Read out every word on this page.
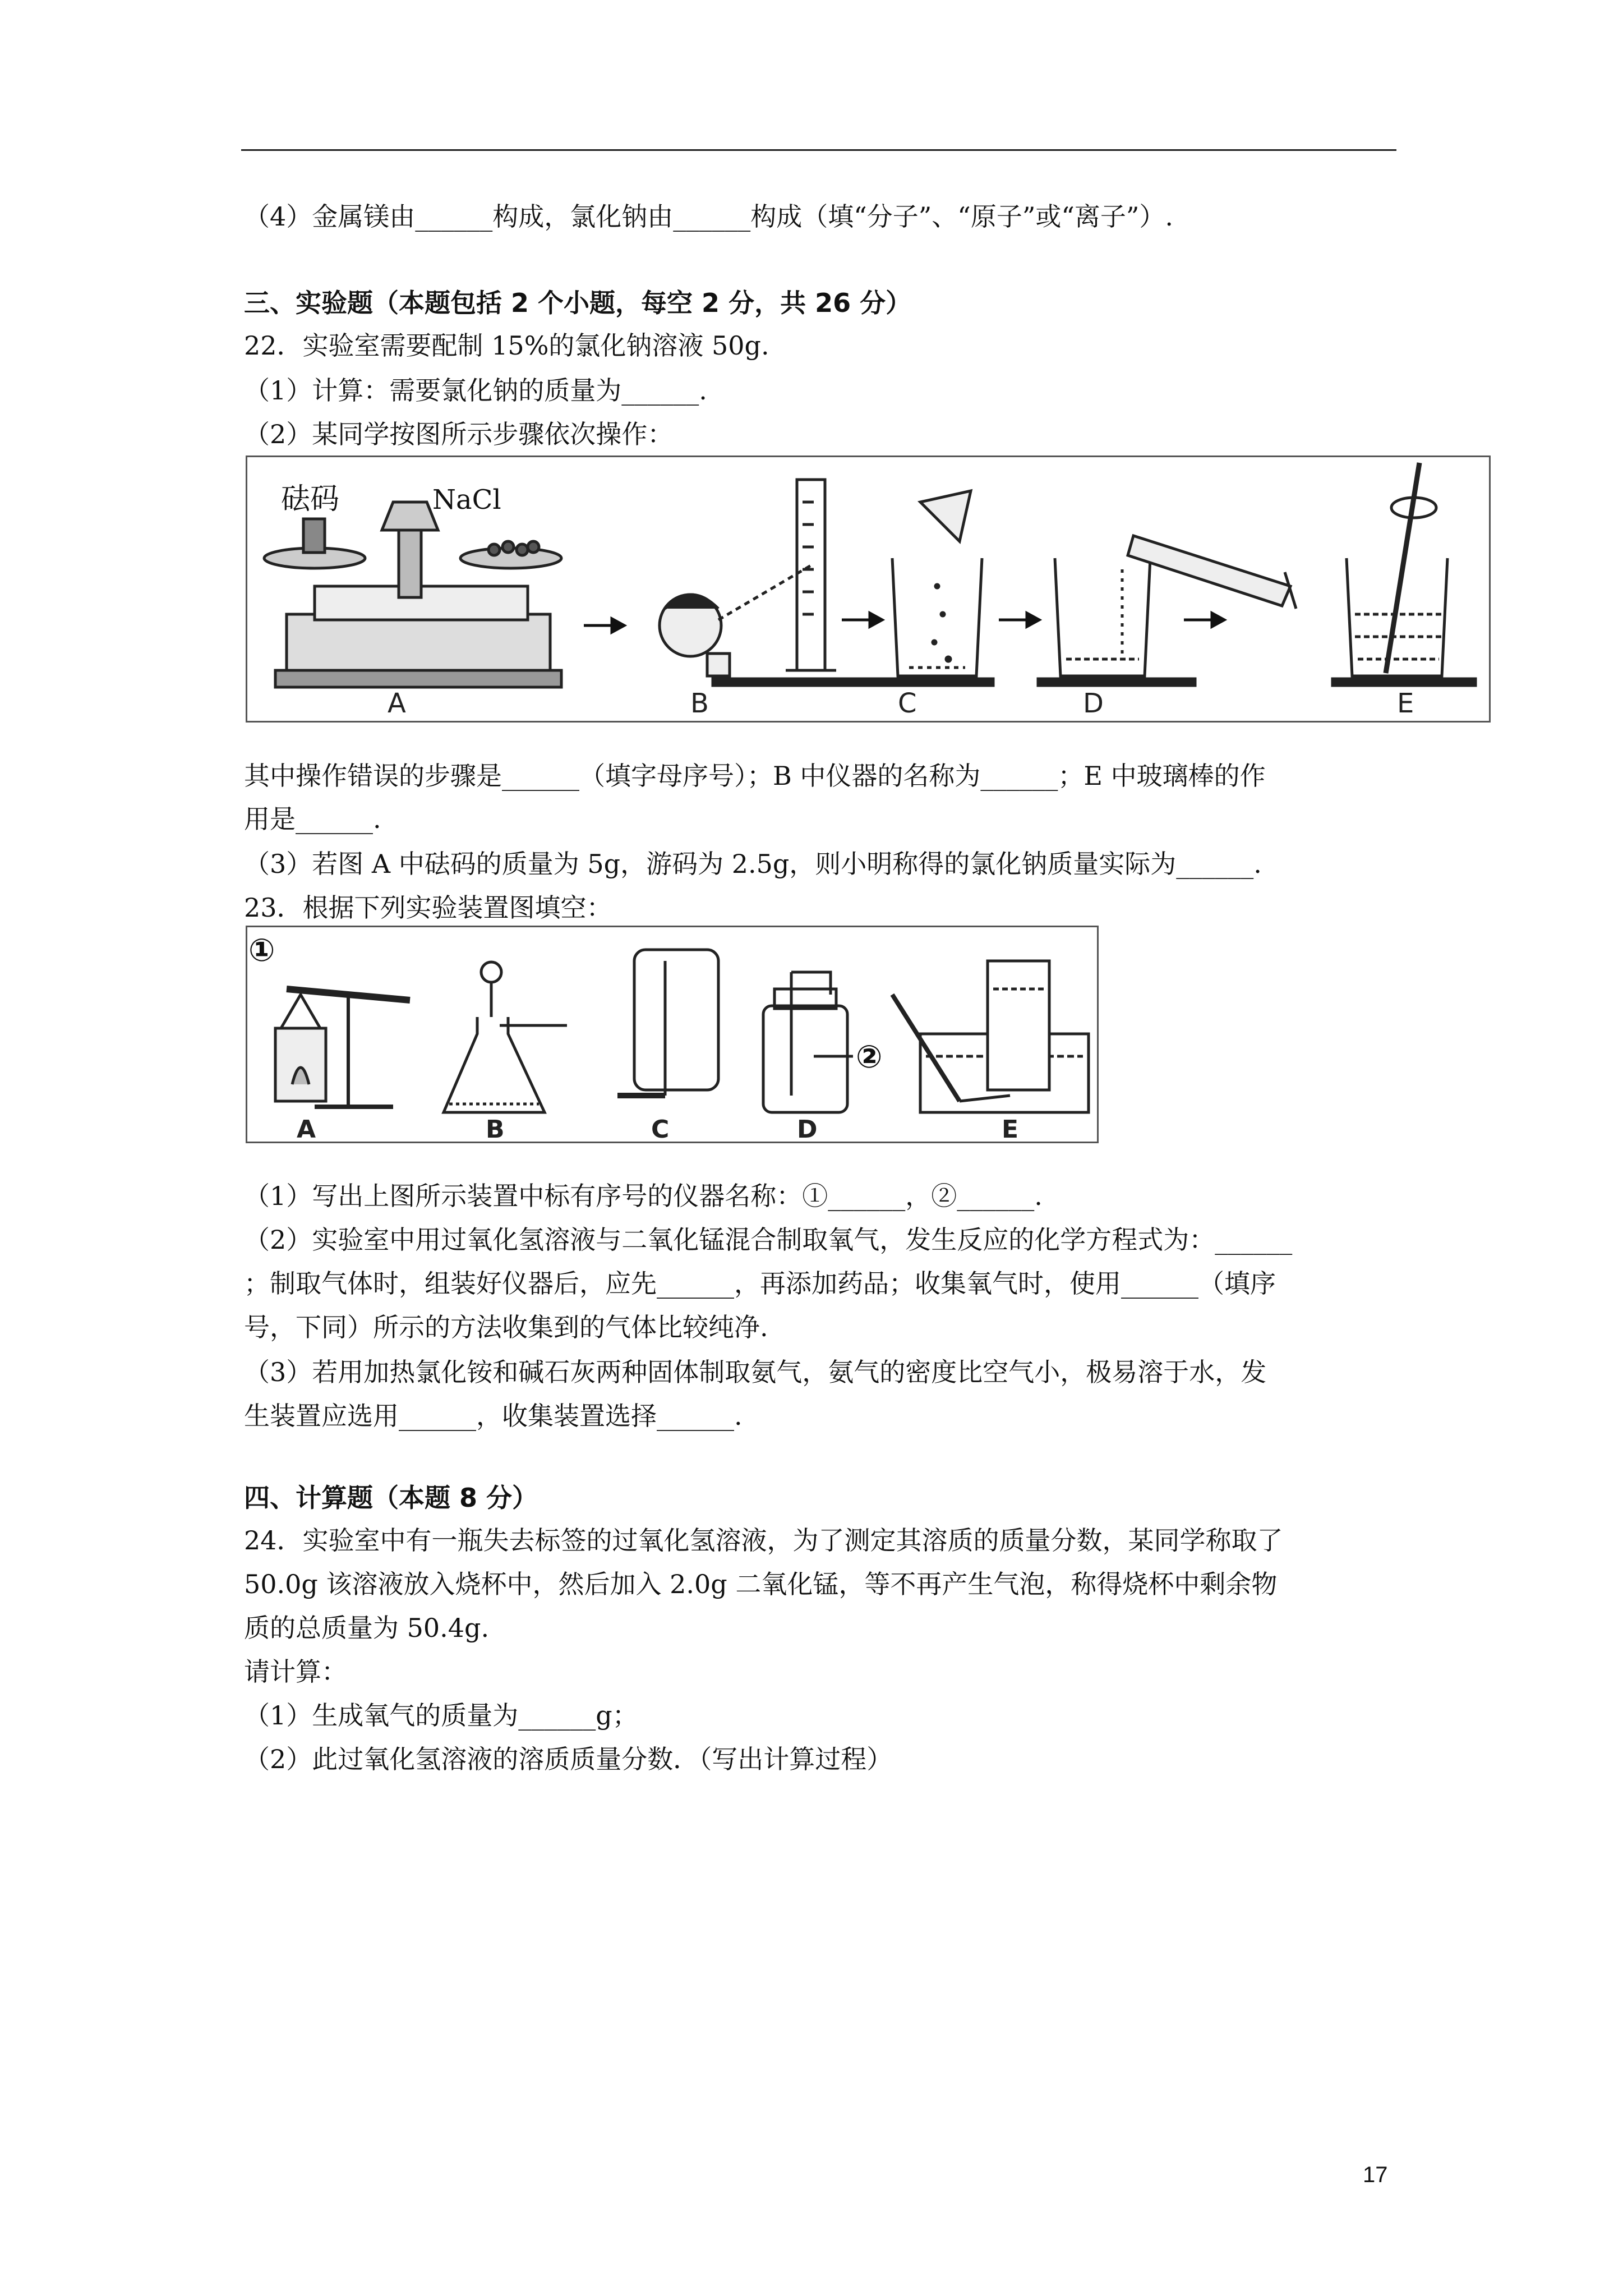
（4）金属镁由______构成，氯化钠由______构成（填“分子”、“原子”或“离子”）.
三、实验题（本题包括 2 个小题，每空 2 分，共 26 分）
22．实验室需要配制 15%的氯化钠溶液 50g.
（1）计算：需要氯化钠的质量为______.
（2）某同学按图所示步骤依次操作：
砝码	NaCl
A	B	C	D	E
其中操作错误的步骤是______（填字母序号）；B 中仪器的名称为______；E 中玻璃棒的作
用是______.
（3）若图 A 中砝码的质量为 5g，游码为 2.5g，则小明称得的氯化钠质量实际为______.
23．根据下列实验装置图填空：
①
②
A	B	C	D	E
（1）写出上图所示装置中标有序号的仪器名称：①______，②______.
（2）实验室中用过氧化氢溶液与二氧化锰混合制取氧气，发生反应的化学方程式为：______
；制取气体时，组装好仪器后，应先______，再添加药品；收集氧气时，使用______（填序
号，下同）所示的方法收集到的气体比较纯净.
（3）若用加热氯化铵和碱石灰两种固体制取氨气，氨气的密度比空气小，极易溶于水，发
生装置应选用______，收集装置选择______.
四、计算题（本题 8 分）
24．实验室中有一瓶失去标签的过氧化氢溶液，为了测定其溶质的质量分数，某同学称取了
50.0g 该溶液放入烧杯中，然后加入 2.0g 二氧化锰，等不再产生气泡，称得烧杯中剩余物
质的总质量为 50.4g.
请计算：
（1）生成氧气的质量为______g；
（2）此过氧化氢溶液的溶质质量分数．（写出计算过程）
17
